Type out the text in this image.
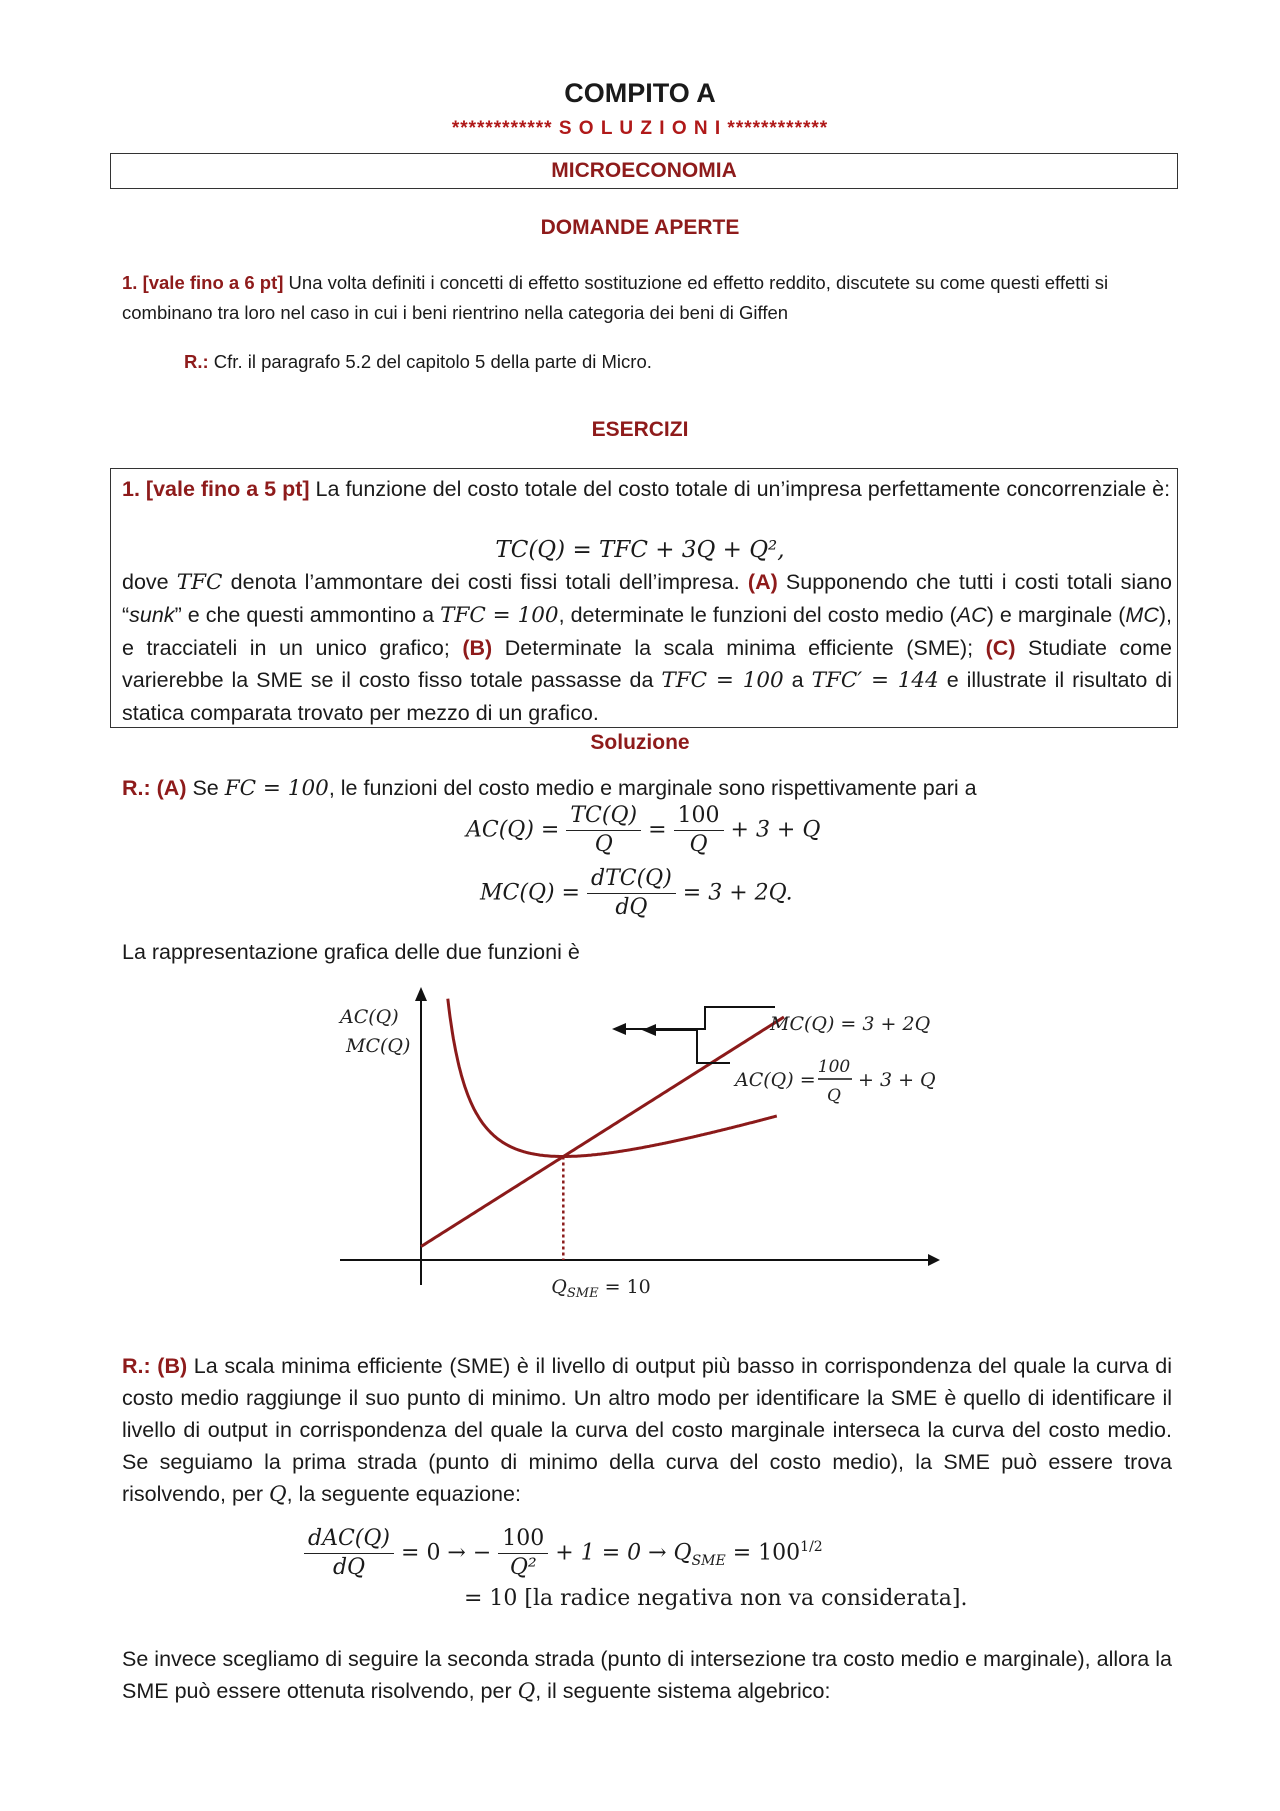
COMPITO A
************ S O L U Z I O N I ************
MICROECONOMIA
DOMANDE APERTE
1. [vale fino a 6 pt] Una volta definiti i concetti di effetto sostituzione ed effetto reddito, discutete su come questi effetti si combinano tra loro nel caso in cui i beni rientrino nella categoria dei beni di Giffen
R.: Cfr. il paragrafo 5.2 del capitolo 5 della parte di Micro.
ESERCIZI
1. [vale fino a 5 pt] La funzione del costo totale del costo totale di un’impresa perfettamente concorrenziale è:
TC(Q) = TFC + 3Q + Q²,
dove TFC denota l’ammontare dei costi fissi totali dell’impresa. (A) Supponendo che tutti i costi totali siano “sunk” e che questi ammontino a TFC = 100, determinate le funzioni del costo medio (AC) e marginale (MC), e tracciateli in un unico grafico; (B) Determinate la scala minima efficiente (SME); (C) Studiate come varierebbe la SME se il costo fisso totale passasse da TFC = 100 a TFC′ = 144 e illustrate il risultato di statica comparata trovato per mezzo di un grafico.
Soluzione
R.: (A) Se FC = 100, le funzioni del costo medio e marginale sono rispettivamente pari a
$AC(Q) = \frac{TC(Q)}{Q} = \frac{100}{Q} + 3 + Q$
$MC(Q) = \frac{\text{dTC(Q)}}{dQ} = 3 + 2Q$.
La rappresentazione grafica delle due funzioni è
AC(Q)
MC(Q)
MC(Q) = 3 + 2Q
AC(Q) =
100
Q
+ 3 + Q
$Q_{SME} = 10$
R.: (B) La scala minima efficiente (SME) è il livello di output più basso in corrispondenza del quale la curva di costo medio raggiunge il suo punto di minimo. Un altro modo per identificare la SME è quello di identificare il livello di output in corrispondenza del quale la curva del costo marginale interseca la curva del costo medio. Se seguiamo la prima strada (punto di minimo della curva del costo medio), la SME può essere trova risolvendo, per Q, la seguente equazione:
$\frac{\text{dAC(Q)}}{dQ} = 0$ → − $\frac{100}{\text{Q²}} + 1 = 0 \to Q_{SME} = 100^{1/2}$
= 10 [la radice negativa non va considerata].
Se invece scegliamo di seguire la seconda strada (punto di intersezione tra costo medio e marginale), allora la SME può essere ottenuta risolvendo, per Q, il seguente sistema algebrico:
